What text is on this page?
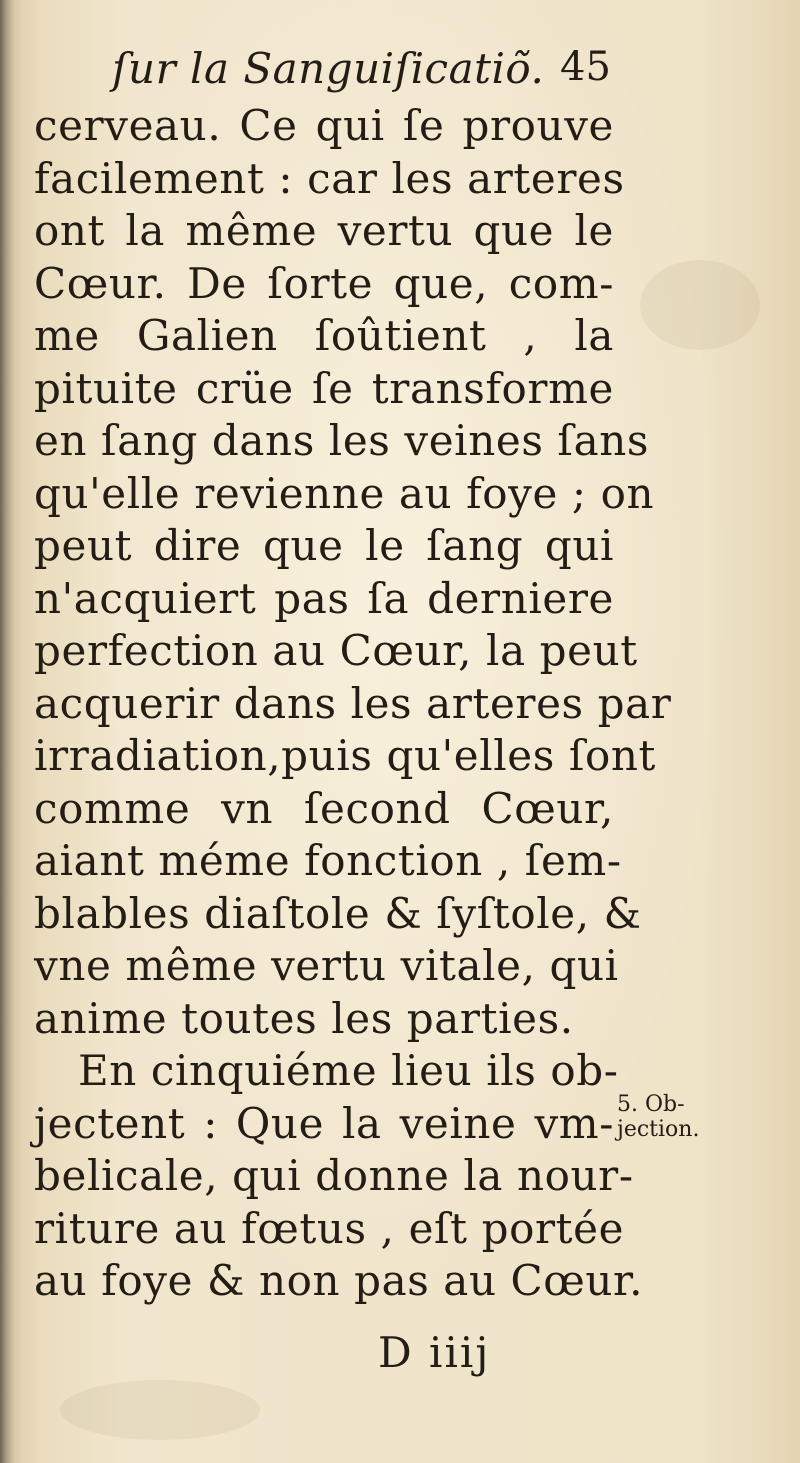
ſur la Sanguiſicatiõ. 45
cerveau. Ce qui ſe prouve
facilement : car les arteres
ont la même vertu que le
Cœur. De ſorte que, com-
me Galien ſoûtient , la
pituite crüe ſe transforme
en ſang dans les veines ſans
qu'elle revienne au foye ; on
peut dire que le ſang qui
n'acquiert pas ſa derniere
perfection au Cœur, la peut
acquerir dans les arteres par
irradiation,puis qu'elles ſont
comme vn ſecond Cœur,
aiant méme fonction , ſem-
blables diaſtole & ſyſtole, &
vne même vertu vitale, qui
anime toutes les parties.
En cinquiéme lieu ils ob-
jectent : Que la veine vm-
belicale, qui donne la nour-
riture au fœtus , eſt portée
au foye & non pas au Cœur.
5. Ob-
jection.
D iiij
